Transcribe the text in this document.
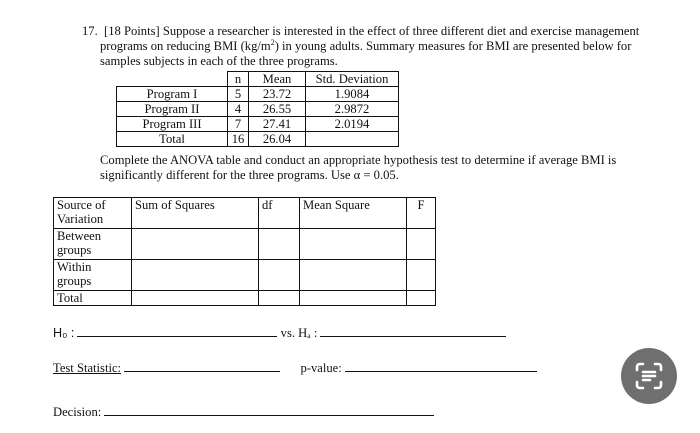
17. [18 Points] Suppose a researcher is interested in the effect of three different diet and exercise management

programs on reducing BMI $(kg/m^2)$ in young adults. Summary measures for BMI are presented below for

samples subjects in each of the three programs.

	n	Mean	Std. Deviation
Program I	5	23.72	1.9084
Program II	4	26.55	2.9872
Program III	7	27.41	2.0194
Total	16	26.04	
Complete the ANOVA table and conduct an appropriate hypothesis test to determine if average BMI is
significantly different for the three programs. Use α = 0.05.
Source of Variation	Sum of Squares	df	Mean Square	F
Between groups				
Within groups				
Total				
H₀ :	vs. Hₐ :
Test Statistic:	p-value:
Decision:
